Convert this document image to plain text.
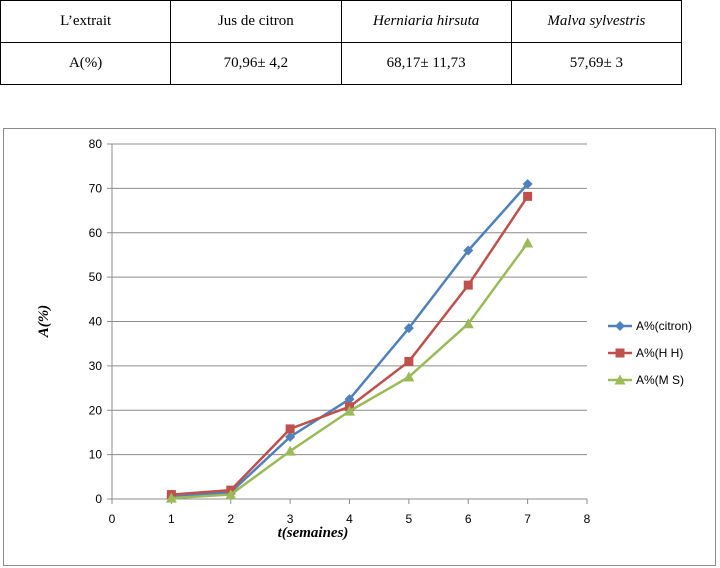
L’extrait	Jus de citron	Herniaria hirsuta	Malva sylvestris
A(%)	70,96± 4,2	68,17± 11,73	57,69± 3
0
10
20
30
40
50
60
70
80
0	1	2	3	4	5	6	7	8
A%(citron)
A%(H H)
A%(M S)
t(semaines)
A(%)
